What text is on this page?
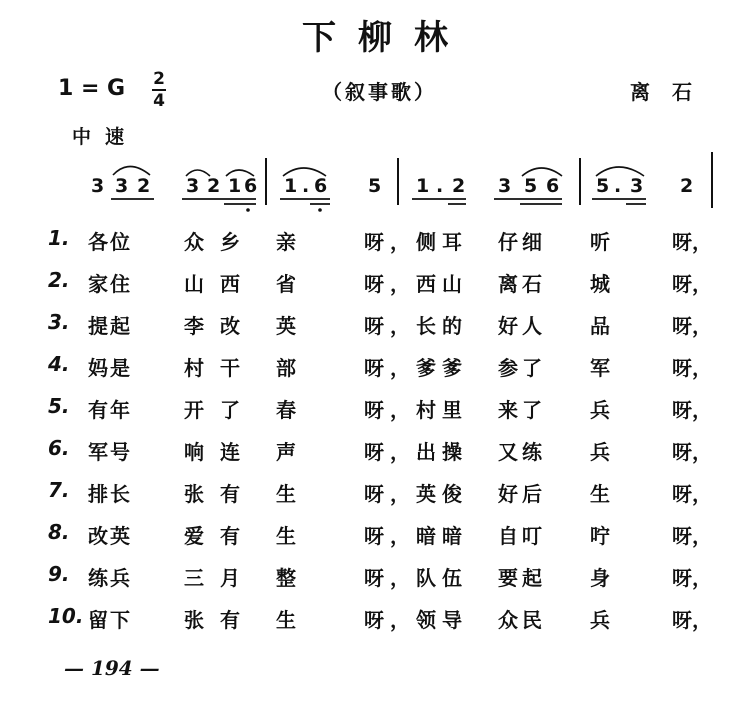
下柳林
1 = G 2
4	（叙事歌）	离石
中速
3 3 2 3 2 1 6 1 . 6 5 1 . 2 3 5 6 5 . 3 2
1. 各位	众乡 亲	呀，侧耳 仔细 听	呀，
2. 家住	山西 省	呀，西山 离石 城	呀，
3. 提起	李改 英	呀，长的 好人 品	呀，
4. 妈是	村干 部	呀，爹爹 参了 军	呀，
5. 有年	开了 春	呀，村里 来了 兵	呀，
6. 军号	响连 声	呀，出操 又练 兵	呀，
7. 排长	张有 生	呀，英俊 好后 生	呀，
8. 改英	爱有 生	呀，暗暗 自叮 咛	呀，
9. 练兵	三月 整	呀，队伍 要起 身	呀，
10. 留下	张有 生	呀，领导 众民 兵	呀，
— 194 —
